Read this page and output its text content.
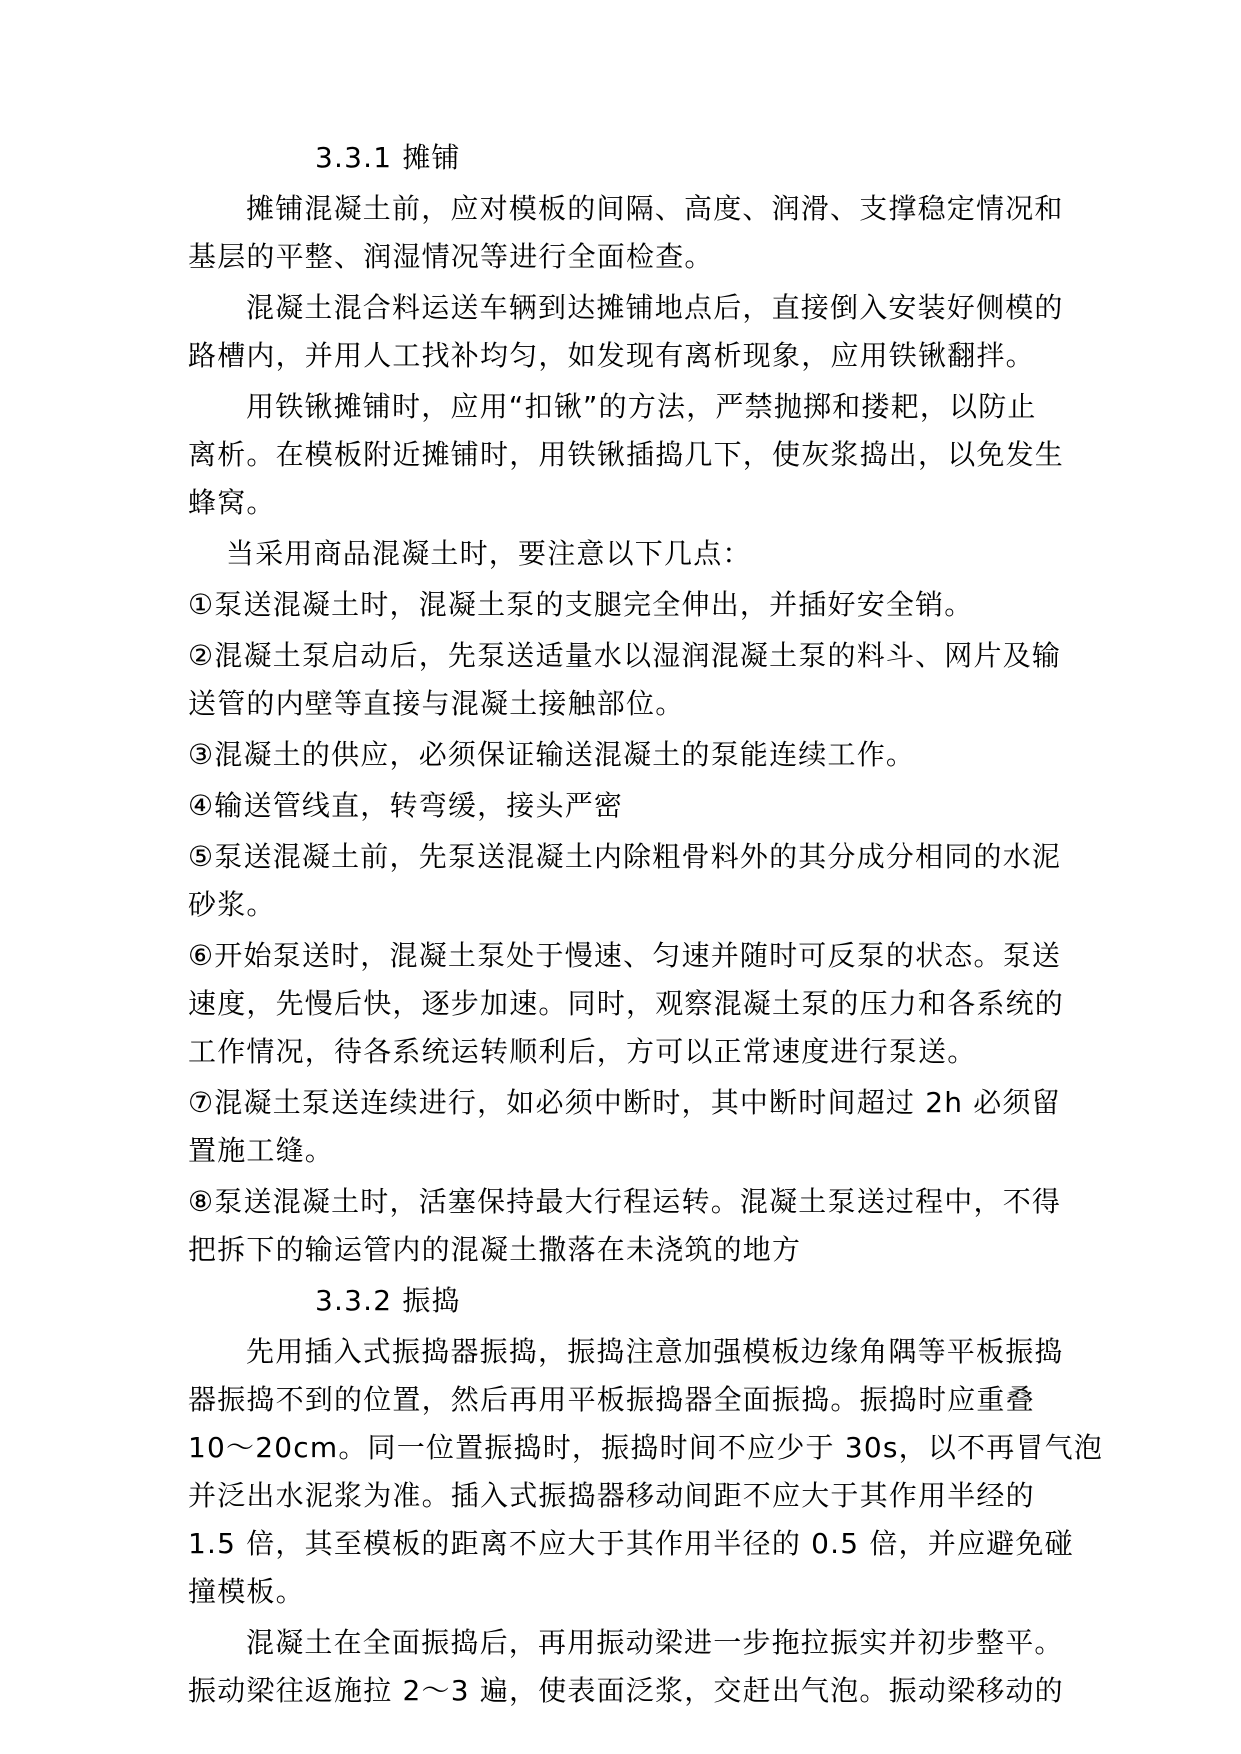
3.3.1 摊铺

摊铺混凝土前，应对模板的间隔、高度、润滑、支撑稳定情况和

基层的平整、润湿情况等进行全面检查。

混凝土混合料运送车辆到达摊铺地点后，直接倒入安装好侧模的

路槽内，并用人工找补均匀，如发现有离析现象，应用铁锹翻拌。

用铁锹摊铺时，应用“扣锹”的方法，严禁抛掷和搂耙，以防止

离析。在模板附近摊铺时，用铁锹插捣几下，使灰浆捣出，以免发生

蜂窝。

当采用商品混凝土时，要注意以下几点：

①泵送混凝土时，混凝土泵的支腿完全伸出，并插好安全销。

②混凝土泵启动后，先泵送适量水以湿润混凝土泵的料斗、网片及输

送管的内壁等直接与混凝土接触部位。

③混凝土的供应，必须保证输送混凝土的泵能连续工作。

④输送管线直，转弯缓，接头严密

⑤泵送混凝土前，先泵送混凝土内除粗骨料外的其分成分相同的水泥

砂浆。

⑥开始泵送时，混凝土泵处于慢速、匀速并随时可反泵的状态。泵送

速度，先慢后快，逐步加速。同时，观察混凝土泵的压力和各系统的

工作情况，待各系统运转顺利后，方可以正常速度进行泵送。

⑦混凝土泵送连续进行，如必须中断时，其中断时间超过 2h 必须留

置施工缝。

⑧泵送混凝土时，活塞保持最大行程运转。混凝土泵送过程中，不得

把拆下的输运管内的混凝土撒落在未浇筑的地方

3.3.2 振捣

先用插入式振捣器振捣，振捣注意加强模板边缘角隅等平板振捣

器振捣不到的位置，然后再用平板振捣器全面振捣。振捣时应重叠

10～20cm。同一位置振捣时，振捣时间不应少于 30s，以不再冒气泡

并泛出水泥浆为准。插入式振捣器移动间距不应大于其作用半经的

1.5 倍，其至模板的距离不应大于其作用半径的 0.5 倍，并应避免碰

撞模板。

混凝土在全面振捣后，再用振动梁进一步拖拉振实并初步整平。

振动梁往返施拉 2～3 遍，使表面泛浆，交赶出气泡。振动梁移动的
